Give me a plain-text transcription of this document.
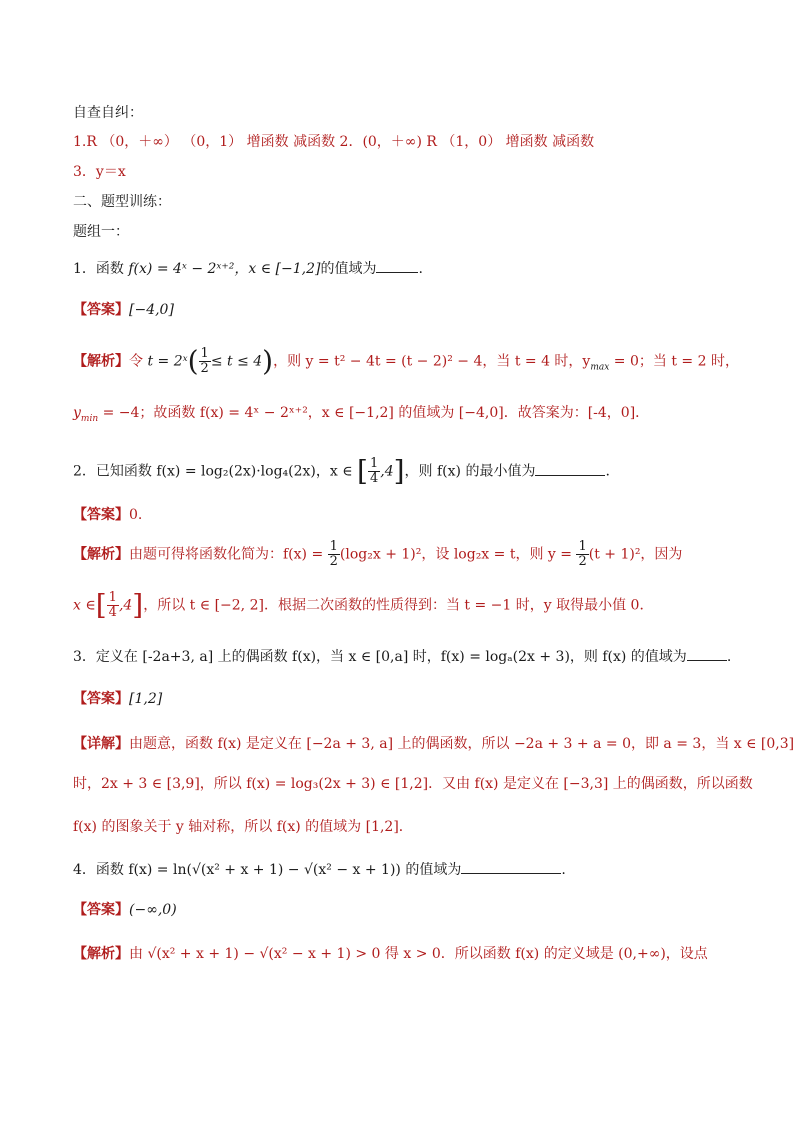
自查自纠：
1.R （0，＋∞） （0，1） 增函数 减函数 2．(0，＋∞) R （1，0） 增函数 减函数
3．y＝x
二、题型训练：
题组一：
1．函数 f(x) = 4ˣ − 2ˣ⁺²，x ∈ [−1,2]的值域为	.
【答案】[−4,0]
【解析】令 t = 2ˣ( $\frac{1}{2} \le t \le 4$)，则 y = t² − 4t = (t − 2)² − 4，当 t = 4 时，$y_{max} = 0$；当 t = 2 时，
$y_{min} = -4$；故函数 f(x) = 4ˣ − 2ˣ⁺²，x ∈ [−1,2] 的值域为 [−4,0]．故答案为：[-4，0]．
2．已知函数 f(x) = log₂(2x)·log₄(2x)，x ∈ [ $\frac{1}{4} ,4$]，则 f(x) 的最小值为	.
【答案】0.
【解析】由题可得将函数化简为：$f(x) = \frac{1}{2} (\log_2x + 1)^2$，设 log₂x = t，则 $y = \frac{1}{2} (t + 1)^2$，因为
x ∈[ $\frac{1}{4} ,4$]，所以 t ∈ [−2, 2]．根据二次函数的性质得到：当 t = −1 时，y 取得最小值 0．
3．定义在 [-2a+3, a] 上的偶函数 f(x)，当 x ∈ [0,a] 时，f(x) = logₐ(2x + 3)，则 f(x) 的值域为	.
【答案】[1,2]
【详解】由题意，函数 f(x) 是定义在 [−2a + 3, a] 上的偶函数，所以 −2a + 3 + a = 0，即 a = 3，当 x ∈ [0,3]
时，2x + 3 ∈ [3,9]，所以 f(x) = log₃(2x + 3) ∈ [1,2]．又由 f(x) 是定义在 [−3,3] 上的偶函数，所以函数
f(x) 的图象关于 y 轴对称，所以 f(x) 的值域为 [1,2]．
4．函数 f(x) = ln(√(x² + x + 1) − √(x² − x + 1)) 的值域为	.
【答案】(−∞,0)
【解析】由 √(x² + x + 1) − √(x² − x + 1) > 0 得 x > 0．所以函数 f(x) 的定义域是 (0,+∞)，设点
